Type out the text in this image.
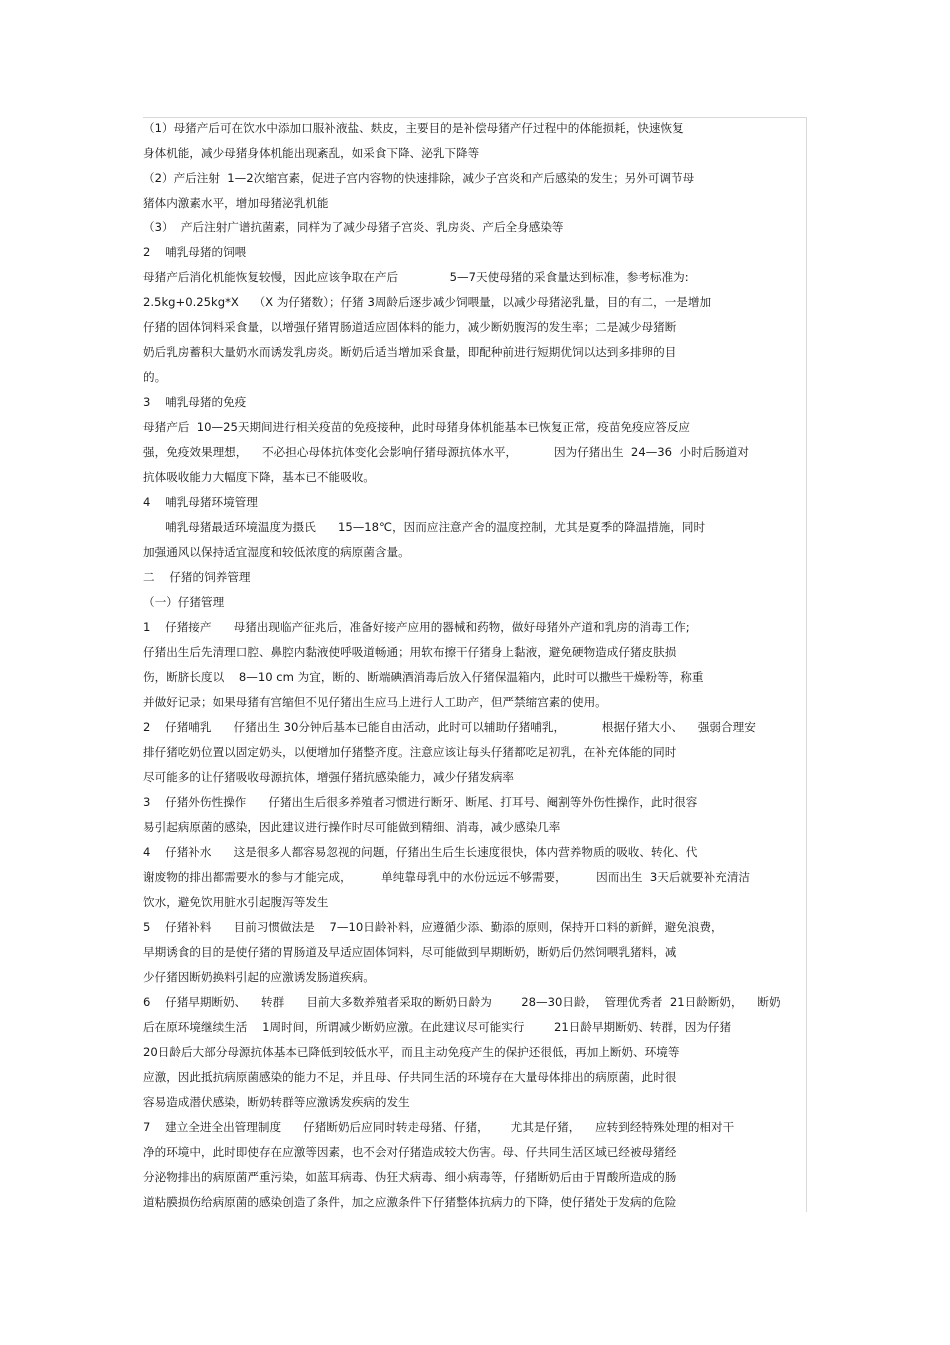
（1）母猪产后可在饮水中添加口服补液盐、麸皮，主要目的是补偿母猪产仔过程中的体能损耗，快速恢复
身体机能，减少母猪身体机能出现紊乱，如采食下降、泌乳下降等
（2）产后注射  1—2次缩宫素，促进子宫内容物的快速排除，减少子宫炎和产后感染的发生；另外可调节母
猪体内激素水平，增加母猪泌乳机能
（3）  产后注射广谱抗菌素，同样为了减少母猪子宫炎、乳房炎、产后全身感染等
2    哺乳母猪的饲喂
母猪产后消化机能恢复较慢，因此应该争取在产后              5—7天使母猪的采食量达到标准，参考标准为:
2.5kg+0.25kg*X    （X 为仔猪数）；仔猪 3周龄后逐步减少饲喂量，以减少母猪泌乳量，目的有二，一是增加
仔猪的固体饲料采食量，以增强仔猪胃肠道适应固体料的能力，减少断奶腹泻的发生率；二是减少母猪断
奶后乳房蓄积大量奶水而诱发乳房炎。断奶后适当增加采食量，即配种前进行短期优饲以达到多排卵的目
的。
3    哺乳母猪的免疫
母猪产后  10—25天期间进行相关疫苗的免疫接种，此时母猪身体机能基本已恢复正常，疫苗免疫应答反应
强，免疫效果理想，    不必担心母体抗体变化会影响仔猪母源抗体水平，          因为仔猪出生  24—36  小时后肠道对
抗体吸收能力大幅度下降，基本已不能吸收。
4    哺乳母猪环境管理
哺乳母猪最适环境温度为摄氏      15—18℃，因而应注意产舍的温度控制，尤其是夏季的降温措施，同时
加强通风以保持适宜湿度和较低浓度的病原菌含量。
二    仔猪的饲养管理
（一）仔猪管理
1    仔猪接产      母猪出现临产征兆后，准备好接产应用的器械和药物，做好母猪外产道和乳房的消毒工作;
仔猪出生后先清理口腔、鼻腔内黏液使呼吸道畅通；用软布擦干仔猪身上黏液，避免硬物造成仔猪皮肤损
伤，断脐长度以    8—10 cm 为宜，断的、断端碘酒消毒后放入仔猪保温箱内，此时可以撒些干燥粉等，称重
并做好记录；如果母猪有宫缩但不见仔猪出生应马上进行人工助产，但严禁缩宫素的使用。
2    仔猪哺乳      仔猪出生 30分钟后基本已能自由活动，此时可以辅助仔猪哺乳，          根据仔猪大小、    强弱合理安
排仔猪吃奶位置以固定奶头，以便增加仔猪整齐度。注意应该让每头仔猪都吃足初乳，在补充体能的同时
尽可能多的让仔猪吸收母源抗体，增强仔猪抗感染能力，减少仔猪发病率
3    仔猪外伤性操作      仔猪出生后很多养殖者习惯进行断牙、断尾、打耳号、阉割等外伤性操作，此时很容
易引起病原菌的感染，因此建议进行操作时尽可能做到精细、消毒，减少感染几率
4    仔猪补水      这是很多人都容易忽视的问题，仔猪出生后生长速度很快，体内营养物质的吸收、转化、代
谢废物的排出都需要水的参与才能完成，        单纯靠母乳中的水份远远不够需要，        因而出生  3天后就要补充清洁
饮水，避免饮用脏水引起腹泻等发生
5    仔猪补料      目前习惯做法是    7—10日龄补料，应遵循少添、勤添的原则，保持开口料的新鲜，避免浪费，
早期诱食的目的是使仔猪的胃肠道及早适应固体饲料，尽可能做到早期断奶，断奶后仍然饲喂乳猪料，减
少仔猪因断奶换料引起的应激诱发肠道疾病。
6    仔猪早期断奶、    转群      目前大多数养殖者采取的断奶日龄为        28—30日龄，  管理优秀者  21日龄断奶，    断奶
后在原环境继续生活    1周时间，所谓减少断奶应激。在此建议尽可能实行        21日龄早期断奶、转群，因为仔猪
20日龄后大部分母源抗体基本已降低到较低水平，而且主动免疫产生的保护还很低，再加上断奶、环境等
应激，因此抵抗病原菌感染的能力不足，并且母、仔共同生活的环境存在大量母体排出的病原菌，此时很
容易造成潜伏感染，断奶转群等应激诱发疾病的发生
7    建立全进全出管理制度      仔猪断奶后应同时转走母猪、仔猪，      尤其是仔猪，    应转到经特殊处理的相对干
净的环境中，此时即使存在应激等因素，也不会对仔猪造成较大伤害。母、仔共同生活区域已经被母猪经
分泌物排出的病原菌严重污染，如蓝耳病毒、伪狂犬病毒、细小病毒等，仔猪断奶后由于胃酸所造成的肠
道粘膜损伤给病原菌的感染创造了条件，加之应激条件下仔猪整体抗病力的下降，使仔猪处于发病的危险
